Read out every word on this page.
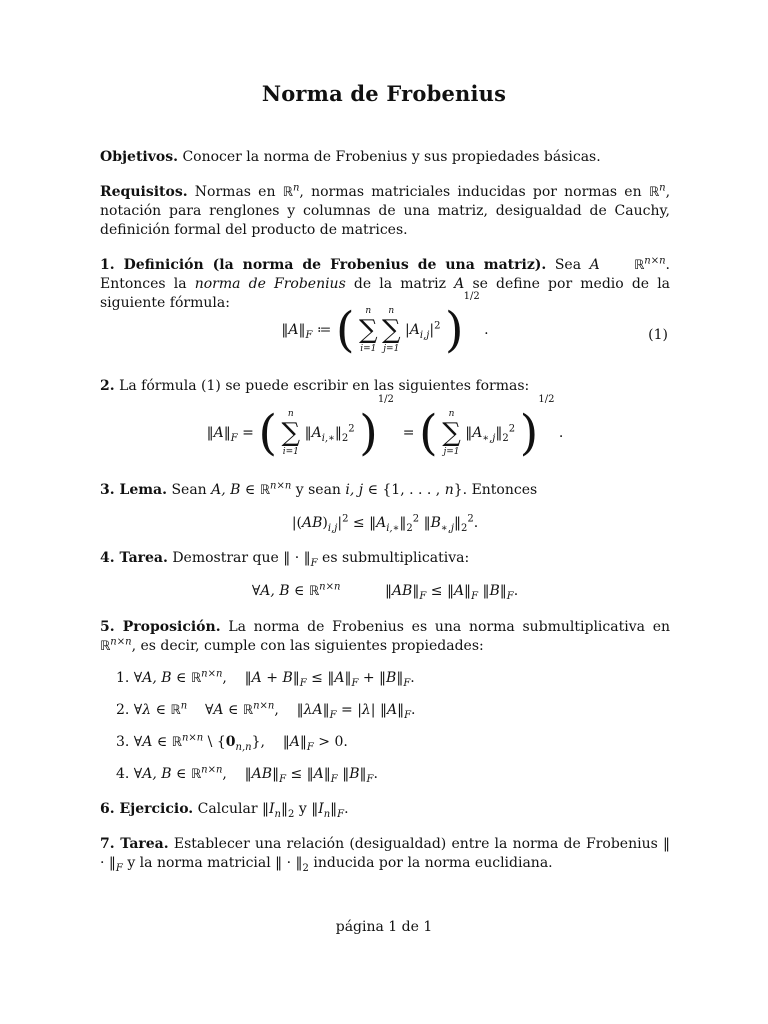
Norma de Frobenius
Objetivos. Conocer la norma de Frobenius y sus propiedades básicas.
Requisitos. Normas en ℝ$^n$, normas matriciales inducidas por normas en ℝ$^n$, notación para renglones y columnas de una matriz, desigualdad de Cauchy, definición formal del producto de matrices.
1. Definición (la norma de Frobenius de una matriz). Sea A	ℝ$^{n\times n}$. Entonces la norma de Frobenius de la matriz A se define por medio de la siguiente fórmula:
$‖A‖_F$ ≔ (	n
∑
i=1

n
∑
j=1
$|A_{i,j}|^2$ )$^{1/2}$ .	(1)
2. La fórmula (1) se puede escribir en las siguientes formas:
$‖A‖_F$ = (	n
∑
i=1
$‖A_{i,∗}‖_2^2$ )$^{1/2}$  = (	n
∑
j=1
$‖A_{∗,j}‖_2^2$ )$^{1/2}$ .
3. Lema. Sean A, B ∈ ℝ$^{n\times n}$ y sean i, j ∈ {1, . . . , n}. Entonces
$|(AB)_{i,j}|^2$ ≤ $‖A_{i,∗}‖_2^2$ $‖B_{∗,j}‖_2^2$.
4. Tarea. Demostrar que ‖ · $‖_F$ es submultiplicativa:
∀A, B ∈ ℝ$^{n\times n}$	$‖AB‖_F$ ≤ $‖A‖_F$ $‖B‖_F$.
5. Proposición. La norma de Frobenius es una norma submultiplicativa en ℝ$^{n\times n}$, es decir, cumple con las siguientes propiedades:
1. ∀A, B ∈ ℝ$^{n\times n}$,    ‖A + $B‖_F$ ≤ $‖A‖_F$ + $‖B‖_F$.
2. ∀λ ∈ ℝ$^n$    ∀A ∈ ℝ$^{n\times n}$,    $‖\lambda A‖_F = |\lambda|$ $‖A‖_F$.
3. ∀A ∈ ℝ$^{n\times n}$ \ $\{0_{n,n}\}$,    $‖A‖_F > 0$.
4. ∀A, B ∈ ℝ$^{n\times n}$,    $‖AB‖_F$ ≤ $‖A‖_F$ $‖B‖_F$.
6. Ejercicio. Calcular $‖I_n‖_2$ y $‖I_n‖_F$.
7. Tarea. Establecer una relación (desigualdad) entre la norma de Frobenius ‖ · $‖_F$ y la norma matricial ‖ · $‖_2$ inducida por la norma euclidiana.
página 1 de 1
